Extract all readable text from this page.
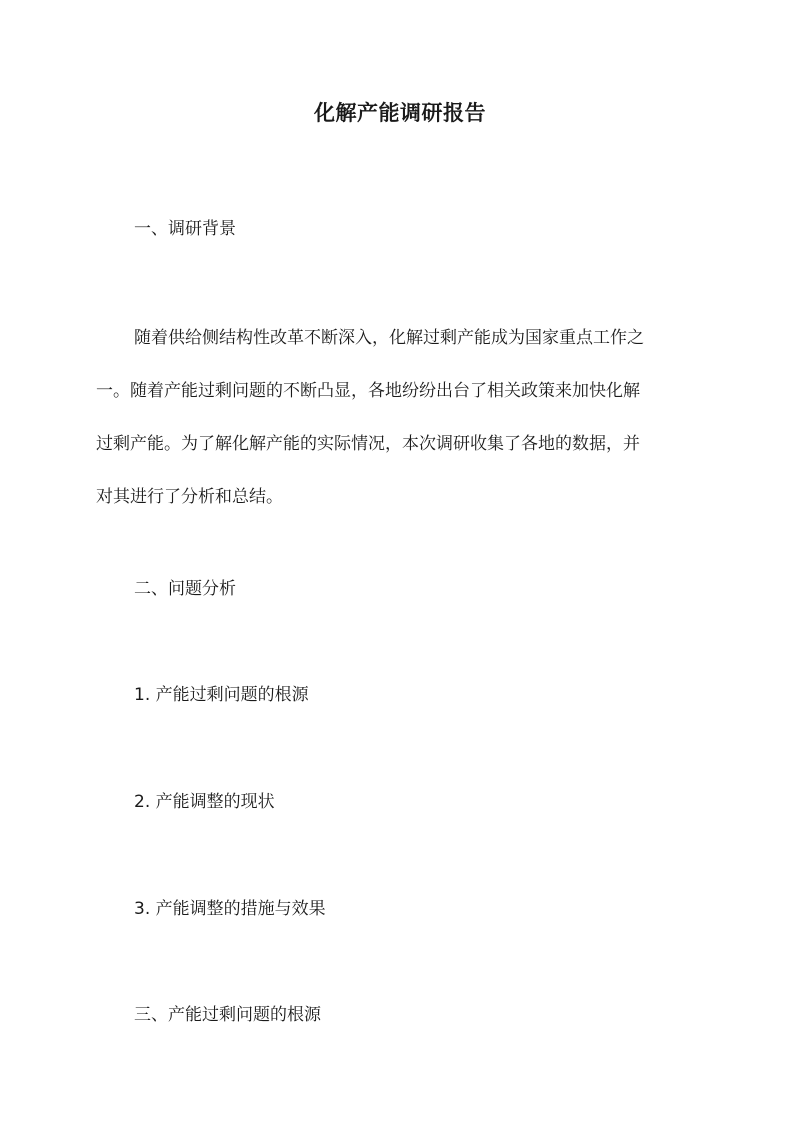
化解产能调研报告
一、调研背景
随着供给侧结构性改革不断深入，化解过剩产能成为国家重点工作之
一。随着产能过剩问题的不断凸显，各地纷纷出台了相关政策来加快化解
过剩产能。为了解化解产能的实际情况，本次调研收集了各地的数据，并
对其进行了分析和总结。
二、问题分析
1. 产能过剩问题的根源
2. 产能调整的现状
3. 产能调整的措施与效果
三、产能过剩问题的根源
